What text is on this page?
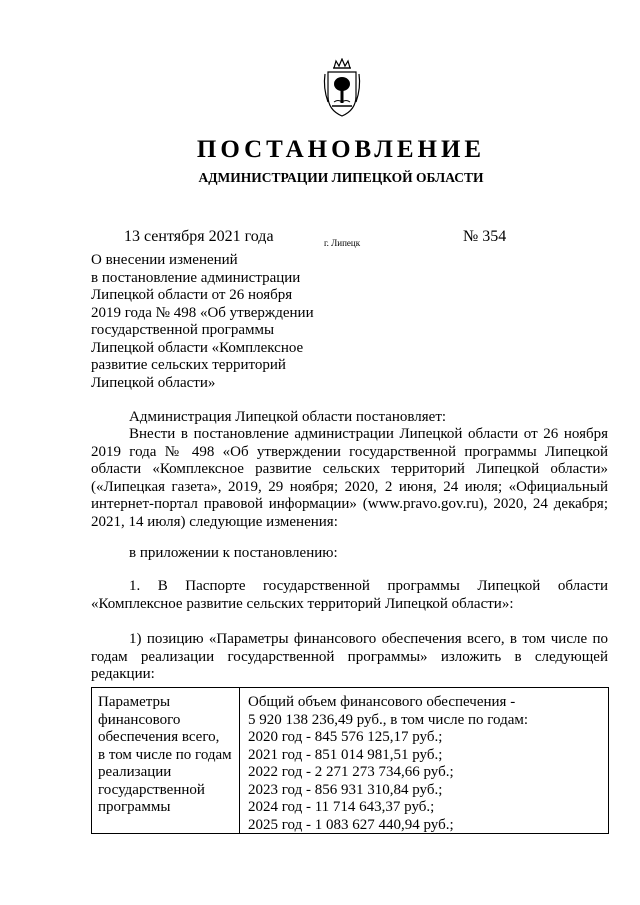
ПОСТАНОВЛЕНИЕ
АДМИНИСТРАЦИИ ЛИПЕЦКОЙ ОБЛАСТИ
13 сентября 2021 года	г. Липецк	№ 354
О внесении изменений
в постановление администрации
Липецкой области от 26 ноября
2019 года № 498 «Об утверждении
государственной программы
Липецкой области «Комплексное
развитие сельских территорий
Липецкой области»
Администрация Липецкой области постановляет:
Внести в постановление администрации Липецкой области от 26 ноября
2019 года № 498 «Об утверждении государственной программы Липецкой
области «Комплексное развитие сельских территорий Липецкой области»
(«Липецкая газета», 2019, 29 ноября; 2020, 2 июня, 24 июля; «Официальный
интернет-портал правовой информации» (www.pravo.gov.ru), 2020, 24 декабря;
2021, 14 июля) следующие изменения:
в приложении к постановлению:
1. В Паспорте государственной программы Липецкой области
«Комплексное развитие сельских территорий Липецкой области»:
1) позицию «Параметры финансового обеспечения всего, в том числе по
годам реализации государственной программы» изложить в следующей
редакции:
Параметры
финансового
обеспечения всего,
в том числе по годам
реализации
государственной
программы
Общий объем финансового обеспечения -
5 920 138 236,49 руб., в том числе по годам:
2020 год - 845 576 125,17 руб.;
2021 год - 851 014 981,51 руб.;
2022 год - 2 271 273 734,66 руб.;
2023 год - 856 931 310,84 руб.;
2024 год - 11 714 643,37 руб.;
2025 год - 1 083 627 440,94 руб.;
